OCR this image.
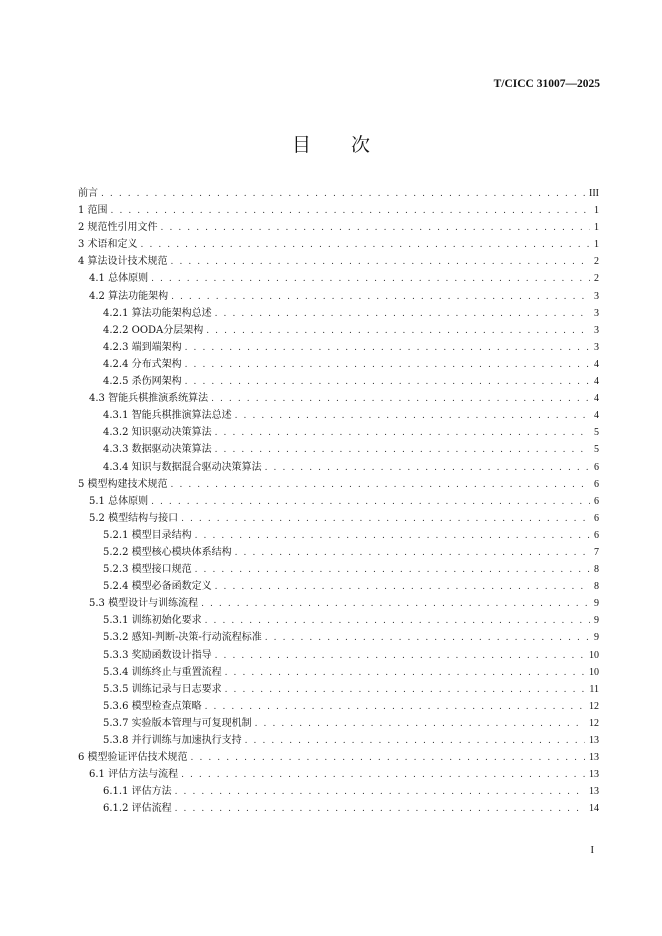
T/CICC 31007—2025
目次
前言 . . .	III
1 范围 . . .	1
2 规范性引用文件 . . .	1
3 术语和定义 . . .	1
4 算法设计技术规范 . . .	2
4.1 总体原则 . . .	2
4.2 算法功能架构 . . .	3
4.2.1 算法功能架构总述 . . .	3
4.2.2 OODA分层架构 . . .	3
4.2.3 端到端架构 . . .	3
4.2.4 分布式架构 . . .	4
4.2.5 杀伤网架构 . . .	4
4.3 智能兵棋推演系统算法 . . .	4
4.3.1 智能兵棋推演算法总述 . . .	4
4.3.2 知识驱动决策算法 . . .	5
4.3.3 数据驱动决策算法 . . .	5
4.3.4 知识与数据混合驱动决策算法 . . .	6
5 模型构建技术规范 . . .	6
5.1 总体原则 . . .	6
5.2 模型结构与接口 . . .	6
5.2.1 模型目录结构 . . .	6
5.2.2 模型核心模块体系结构 . . .	7
5.2.3 模型接口规范 . . .	8
5.2.4 模型必备函数定义 . . .	8
5.3 模型设计与训练流程 . . .	9
5.3.1 训练初始化要求 . . .	9
5.3.2 感知-判断-决策-行动流程标准 . . .	9
5.3.3 奖励函数设计指导 . . .	10
5.3.4 训练终止与重置流程 . . .	10
5.3.5 训练记录与日志要求 . . .	11
5.3.6 模型检查点策略 . . .	12
5.3.7 实验版本管理与可复现机制 . . .	12
5.3.8 并行训练与加速执行支持 . . .	13
6 模型验证评估技术规范 . . .	13
6.1 评估方法与流程 . . .	13
6.1.1 评估方法 . . .	13
6.1.2 评估流程 . . .	14
I
